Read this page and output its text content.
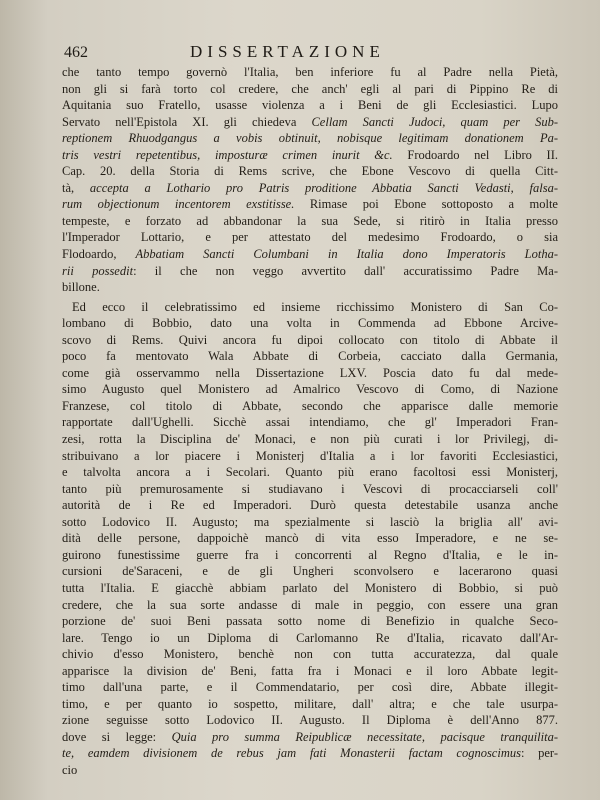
462	DISSERTAZIONE
che tanto tempo governò l'Italia, ben inferiore fu al Padre nella Pietà,
non gli si farà torto col credere, che anch' egli al pari di Pippino Re di
Aquitania suo Fratello, usasse violenza a i Beni de gli Ecclesiastici. Lupo
Servato nell'Epistola XI. gli chiedeva Cellam Sancti Judoci, quam per Sub-
reptionem Rhuodgangus a vobis obtinuit, nobisque legitimam donationem Pa-
tris vestri repetentibus, imposturæ crimen inurit &c. Frodoardo nel Libro II.
Cap. 20. della Storia di Rems scrive, che Ebone Vescovo di quella Citt-
tà, accepta a Lothario pro Patris proditione Abbatia Sancti Vedasti, falsa-
rum objectionum incentorem exstitisse. Rimase poi Ebone sottoposto a molte
tempeste, e forzato ad abbandonar la sua Sede, si ritirò in Italia presso
l'Imperador Lottario, e per attestato del medesimo Frodoardo, o sia
Flodoardo, Abbatiam Sancti Columbani in Italia dono Imperatoris Lotha-
rii possedit: il che non veggo avvertito dall' accuratissimo Padre Ma-
billone.
Ed ecco il celebratissimo ed insieme ricchissimo Monistero di San Co-
lombano di Bobbio, dato una volta in Commenda ad Ebbone Arcive-
scovo di Rems. Quivi ancora fu dipoi collocato con titolo di Abbate il
poco fa mentovato Wala Abbate di Corbeia, cacciato dalla Germania,
come già osservammo nella Dissertazione LXV. Poscia dato fu dal mede-
simo Augusto quel Monistero ad Amalrico Vescovo di Como, di Nazione
Franzese, col titolo di Abbate, secondo che apparisce dalle memorie
rapportate dall'Ughelli. Sicchè assai intendiamo, che gl' Imperadori Fran-
zesi, rotta la Disciplina de' Monaci, e non più curati i lor Privilegj, di-
stribuivano a lor piacere i Monisterj d'Italia a i lor favoriti Ecclesiastici,
e talvolta ancora a i Secolari. Quanto più erano facoltosi essi Monisterj,
tanto più premurosamente si studiavano i Vescovi di procacciarseli coll'
autorità de i Re ed Imperadori. Durò questa detestabile usanza anche
sotto Lodovico II. Augusto; ma spezialmente si lasciò la briglia all' avi-
dità delle persone, dappoichè mancò di vita esso Imperadore, e ne se-
guirono funestissime guerre fra i concorrenti al Regno d'Italia, e le in-
cursioni de'Saraceni, e de gli Ungheri sconvolsero e lacerarono quasi
tutta l'Italia. E giacchè abbiam parlato del Monistero di Bobbio, si può
credere, che la sua sorte andasse di male in peggio, con essere una gran
porzione de' suoi Beni passata sotto nome di Benefizio in qualche Seco-
lare. Tengo io un Diploma di Carlomanno Re d'Italia, ricavato dall'Ar-
chivio d'esso Monistero, benchè non con tutta accuratezza, dal quale
apparisce la division de' Beni, fatta fra i Monaci e il loro Abbate legit-
timo dall'una parte, e il Commendatario, per così dire, Abbate illegit-
timo, e per quanto io sospetto, militare, dall' altra; e che tale usurpa-
zione seguisse sotto Lodovico II. Augusto. Il Diploma è dell'Anno 877.
dove si legge: Quia pro summa Reipublicæ necessitate, pacisque tranquilita-
te, eamdem divisionem de rebus jam fati Monasterii factam cognoscimus: per-
cio
